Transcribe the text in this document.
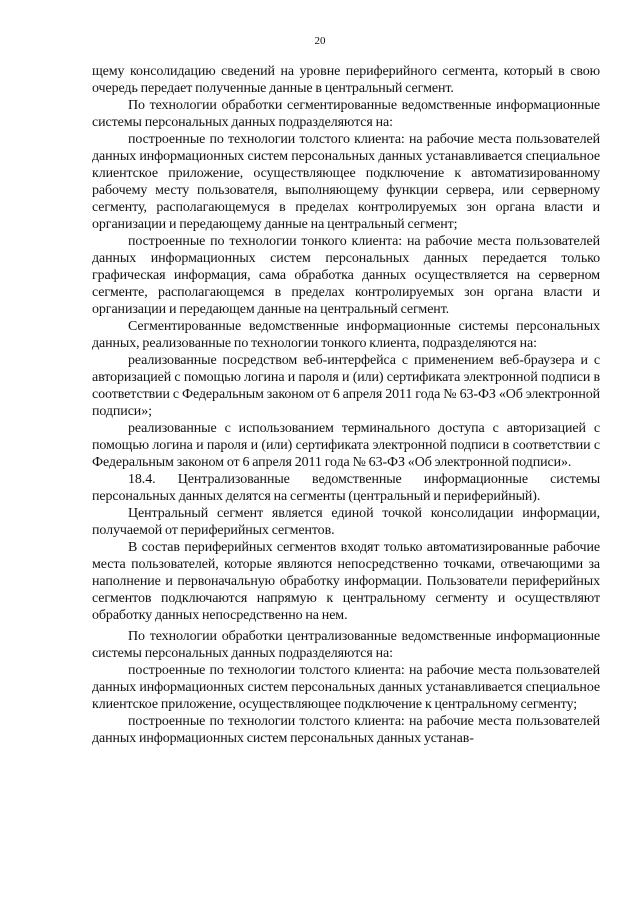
20

щему консолидацию сведений на уровне периферийного сегмента, который в свою очередь передает полученные данные в центральный сегмент.

По технологии обработки сегментированные ведомственные информационные системы персональных данных подразделяются на:

построенные по технологии толстого клиента: на рабочие места пользователей данных информационных систем персональных данных устанавливается специальное клиентское приложение, осуществляющее подключение к автоматизированному рабочему месту пользователя, выполняющему функции сервера, или серверному сегменту, располагающемуся в пределах контролируемых зон органа власти и организации и передающему данные на центральный сегмент;

построенные по технологии тонкого клиента: на рабочие места пользователей данных информационных систем персональных данных передается только графическая информация, сама обработка данных осуществляется на серверном сегменте, располагающемся в пределах контролируемых зон органа власти и организации и передающем данные на центральный сегмент.

Сегментированные ведомственные информационные системы персональных данных, реализованные по технологии тонкого клиента, подразделяются на:

реализованные посредством веб-интерфейса с применением веб-браузера и с авторизацией с помощью логина и пароля и (или) сертификата электронной подписи в соответствии с Федеральным законом от 6 апреля 2011 года № 63-ФЗ «Об электронной подписи»;

реализованные с использованием терминального доступа с авторизацией с помощью логина и пароля и (или) сертификата электронной подписи в соответствии с Федеральным законом от 6 апреля 2011 года № 63-ФЗ «Об электронной подписи».

18.4. Централизованные ведомственные информационные системы персональных данных делятся на сегменты (центральный и периферийный).

Центральный сегмент является единой точкой консолидации информации, получаемой от периферийных сегментов.

В состав периферийных сегментов входят только автоматизированные рабочие места пользователей, которые являются непосредственно точками, отвечающими за наполнение и первоначальную обработку информации. Пользователи периферийных сегментов подключаются напрямую к центральному сегменту и осуществляют обработку данных непосредственно на нем.

По технологии обработки централизованные ведомственные информационные системы персональных данных подразделяются на:

построенные по технологии толстого клиента: на рабочие места пользователей данных информационных систем персональных данных устанавливается специальное клиентское приложение, осуществляющее подключение к центральному сегменту;

построенные по технологии толстого клиента: на рабочие места пользователей данных информационных систем персональных данных устанав-
